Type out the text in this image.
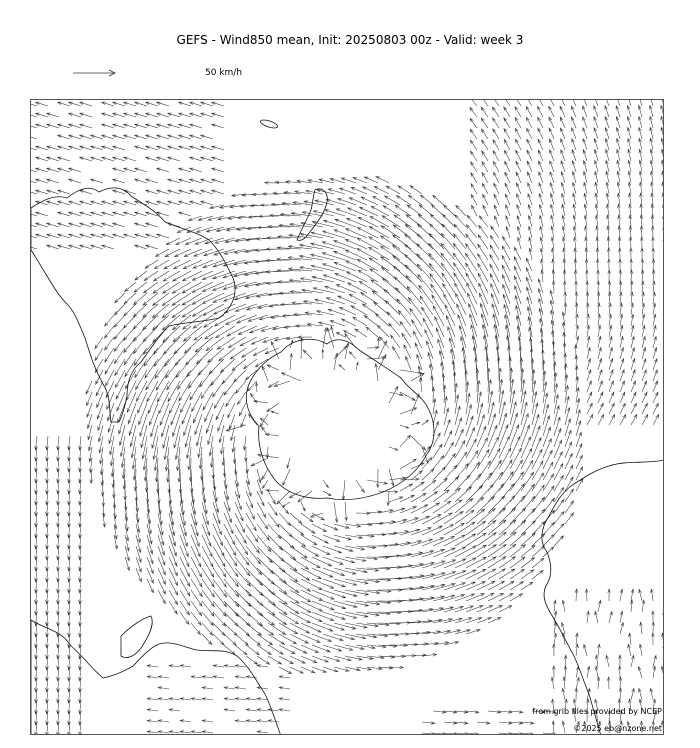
GEFS - Wind850 mean, Init: 20250803 00z - Valid: week 3
50 km/h
from grib files provided by NCEP
©2025 eb@nzone.net
